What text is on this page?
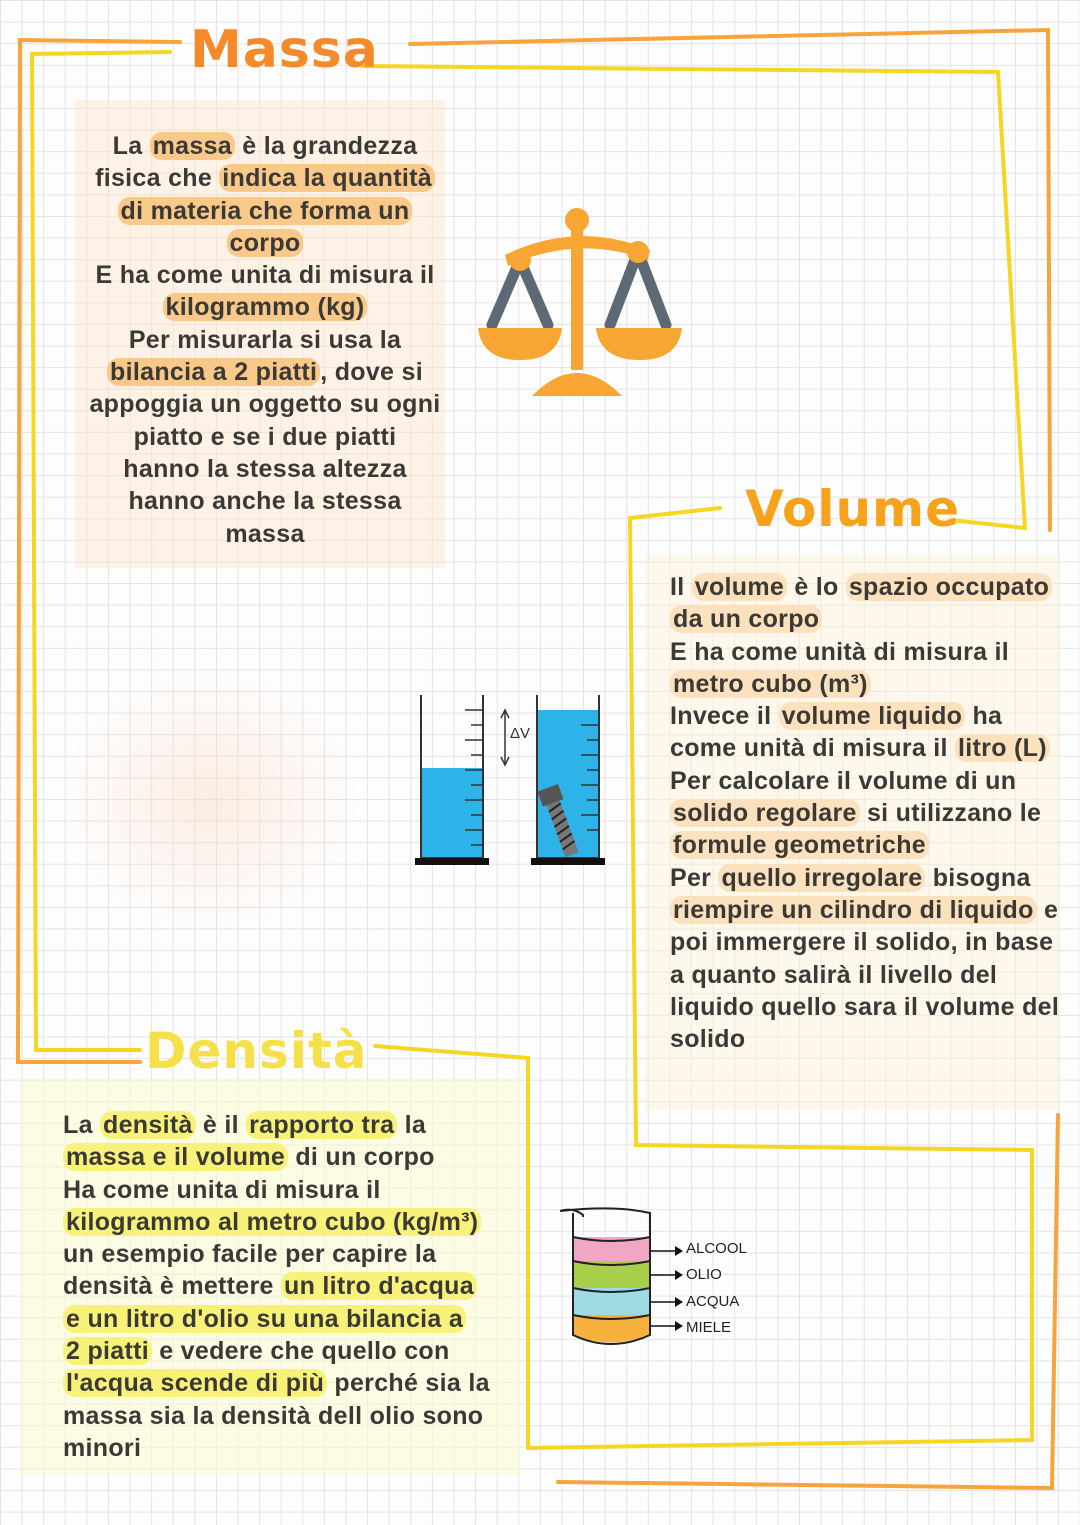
Massa
Volume
Densità
La massa è la grandezza
fisica che indica la quantità
di materia che forma un
corpo
E ha come unita di misura il
kilogrammo (kg)
Per misurarla si usa la
bilancia a 2 piatti , dove si
appoggia un oggetto su ogni
piatto e se i due piatti
hanno la stessa altezza
hanno anche la stessa
massa
Il volume è lo spazio occupato
da un corpo
E ha come unità di misura il
metro cubo (m³)
Invece il volume liquido ha
come unità di misura il litro (L)
Per calcolare il volume di un
solido regolare si utilizzano le
formule geometriche
Per quello irregolare bisogna
riempire un cilindro di liquido e
poi immergere il solido, in base
a quanto salirà il livello del
liquido quello sara il volume del
solido
La densità è il rapporto tra la
massa e il volume di un corpo
Ha come unita di misura il
kilogrammo al metro cubo (kg/m³)
un esempio facile per capire la
densità è mettere un litro d'acqua
e un litro d'olio su una bilancia a
2 piatti e vedere che quello con
l'acqua scende di più perché sia la
massa sia la densità dell olio sono
minori
ΔV
ALCOOL
OLIO
ACQUA
MIELE
